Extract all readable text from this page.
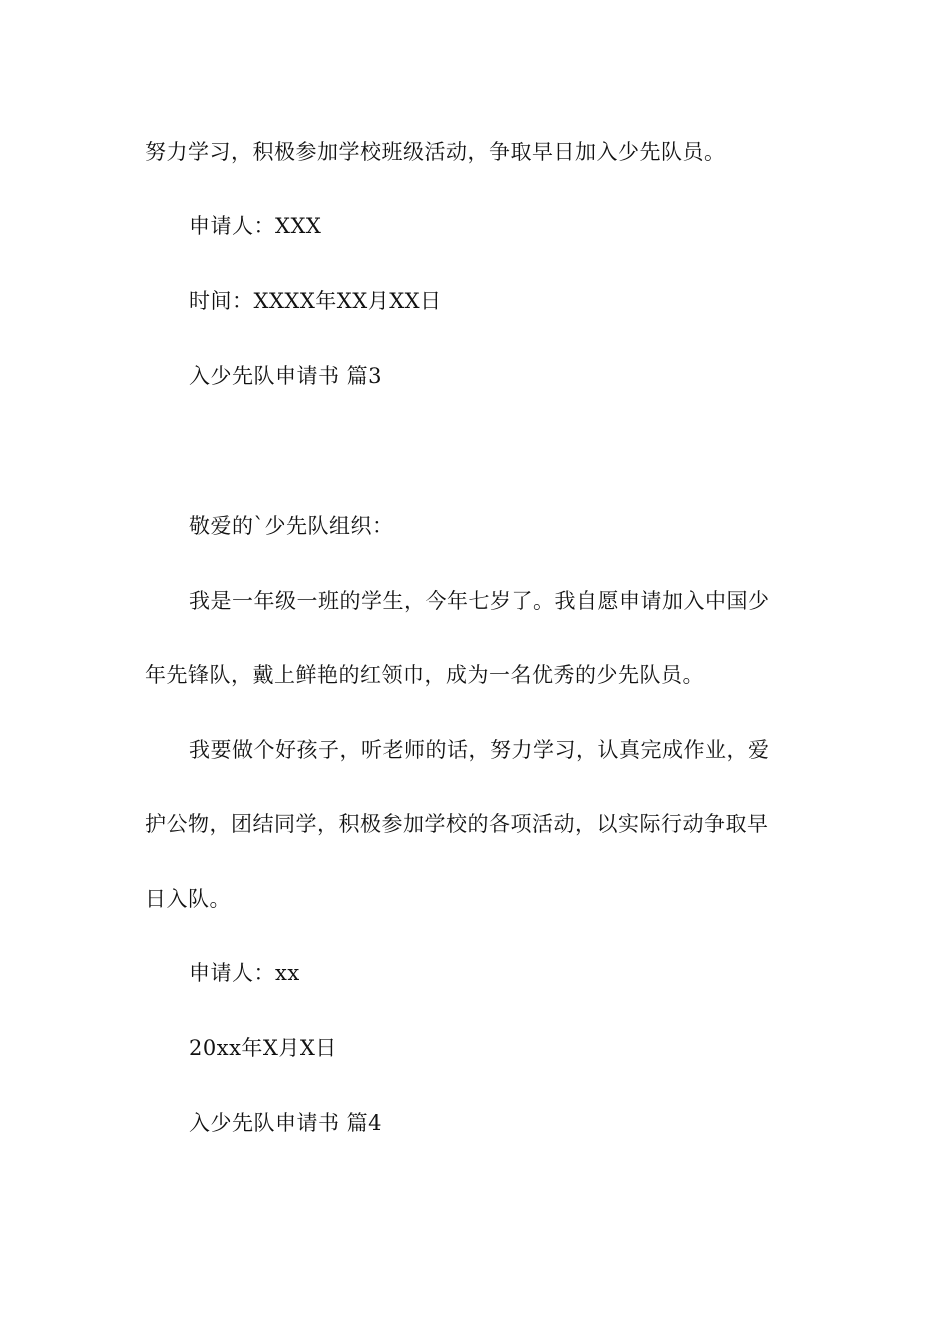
努力学习，积极参加学校班级活动，争取早日加入少先队员。
申请人：XXX
时间：XXXX年XX月XX日
入少先队申请书 篇3
敬爱的`少先队组织：
我是一年级一班的学生，今年七岁了。我自愿申请加入中国少
年先锋队，戴上鲜艳的红领巾，成为一名优秀的少先队员。
我要做个好孩子，听老师的话，努力学习，认真完成作业，爱
护公物，团结同学，积极参加学校的各项活动，以实际行动争取早
日入队。
申请人：xx
20xx年X月X日
入少先队申请书 篇4
